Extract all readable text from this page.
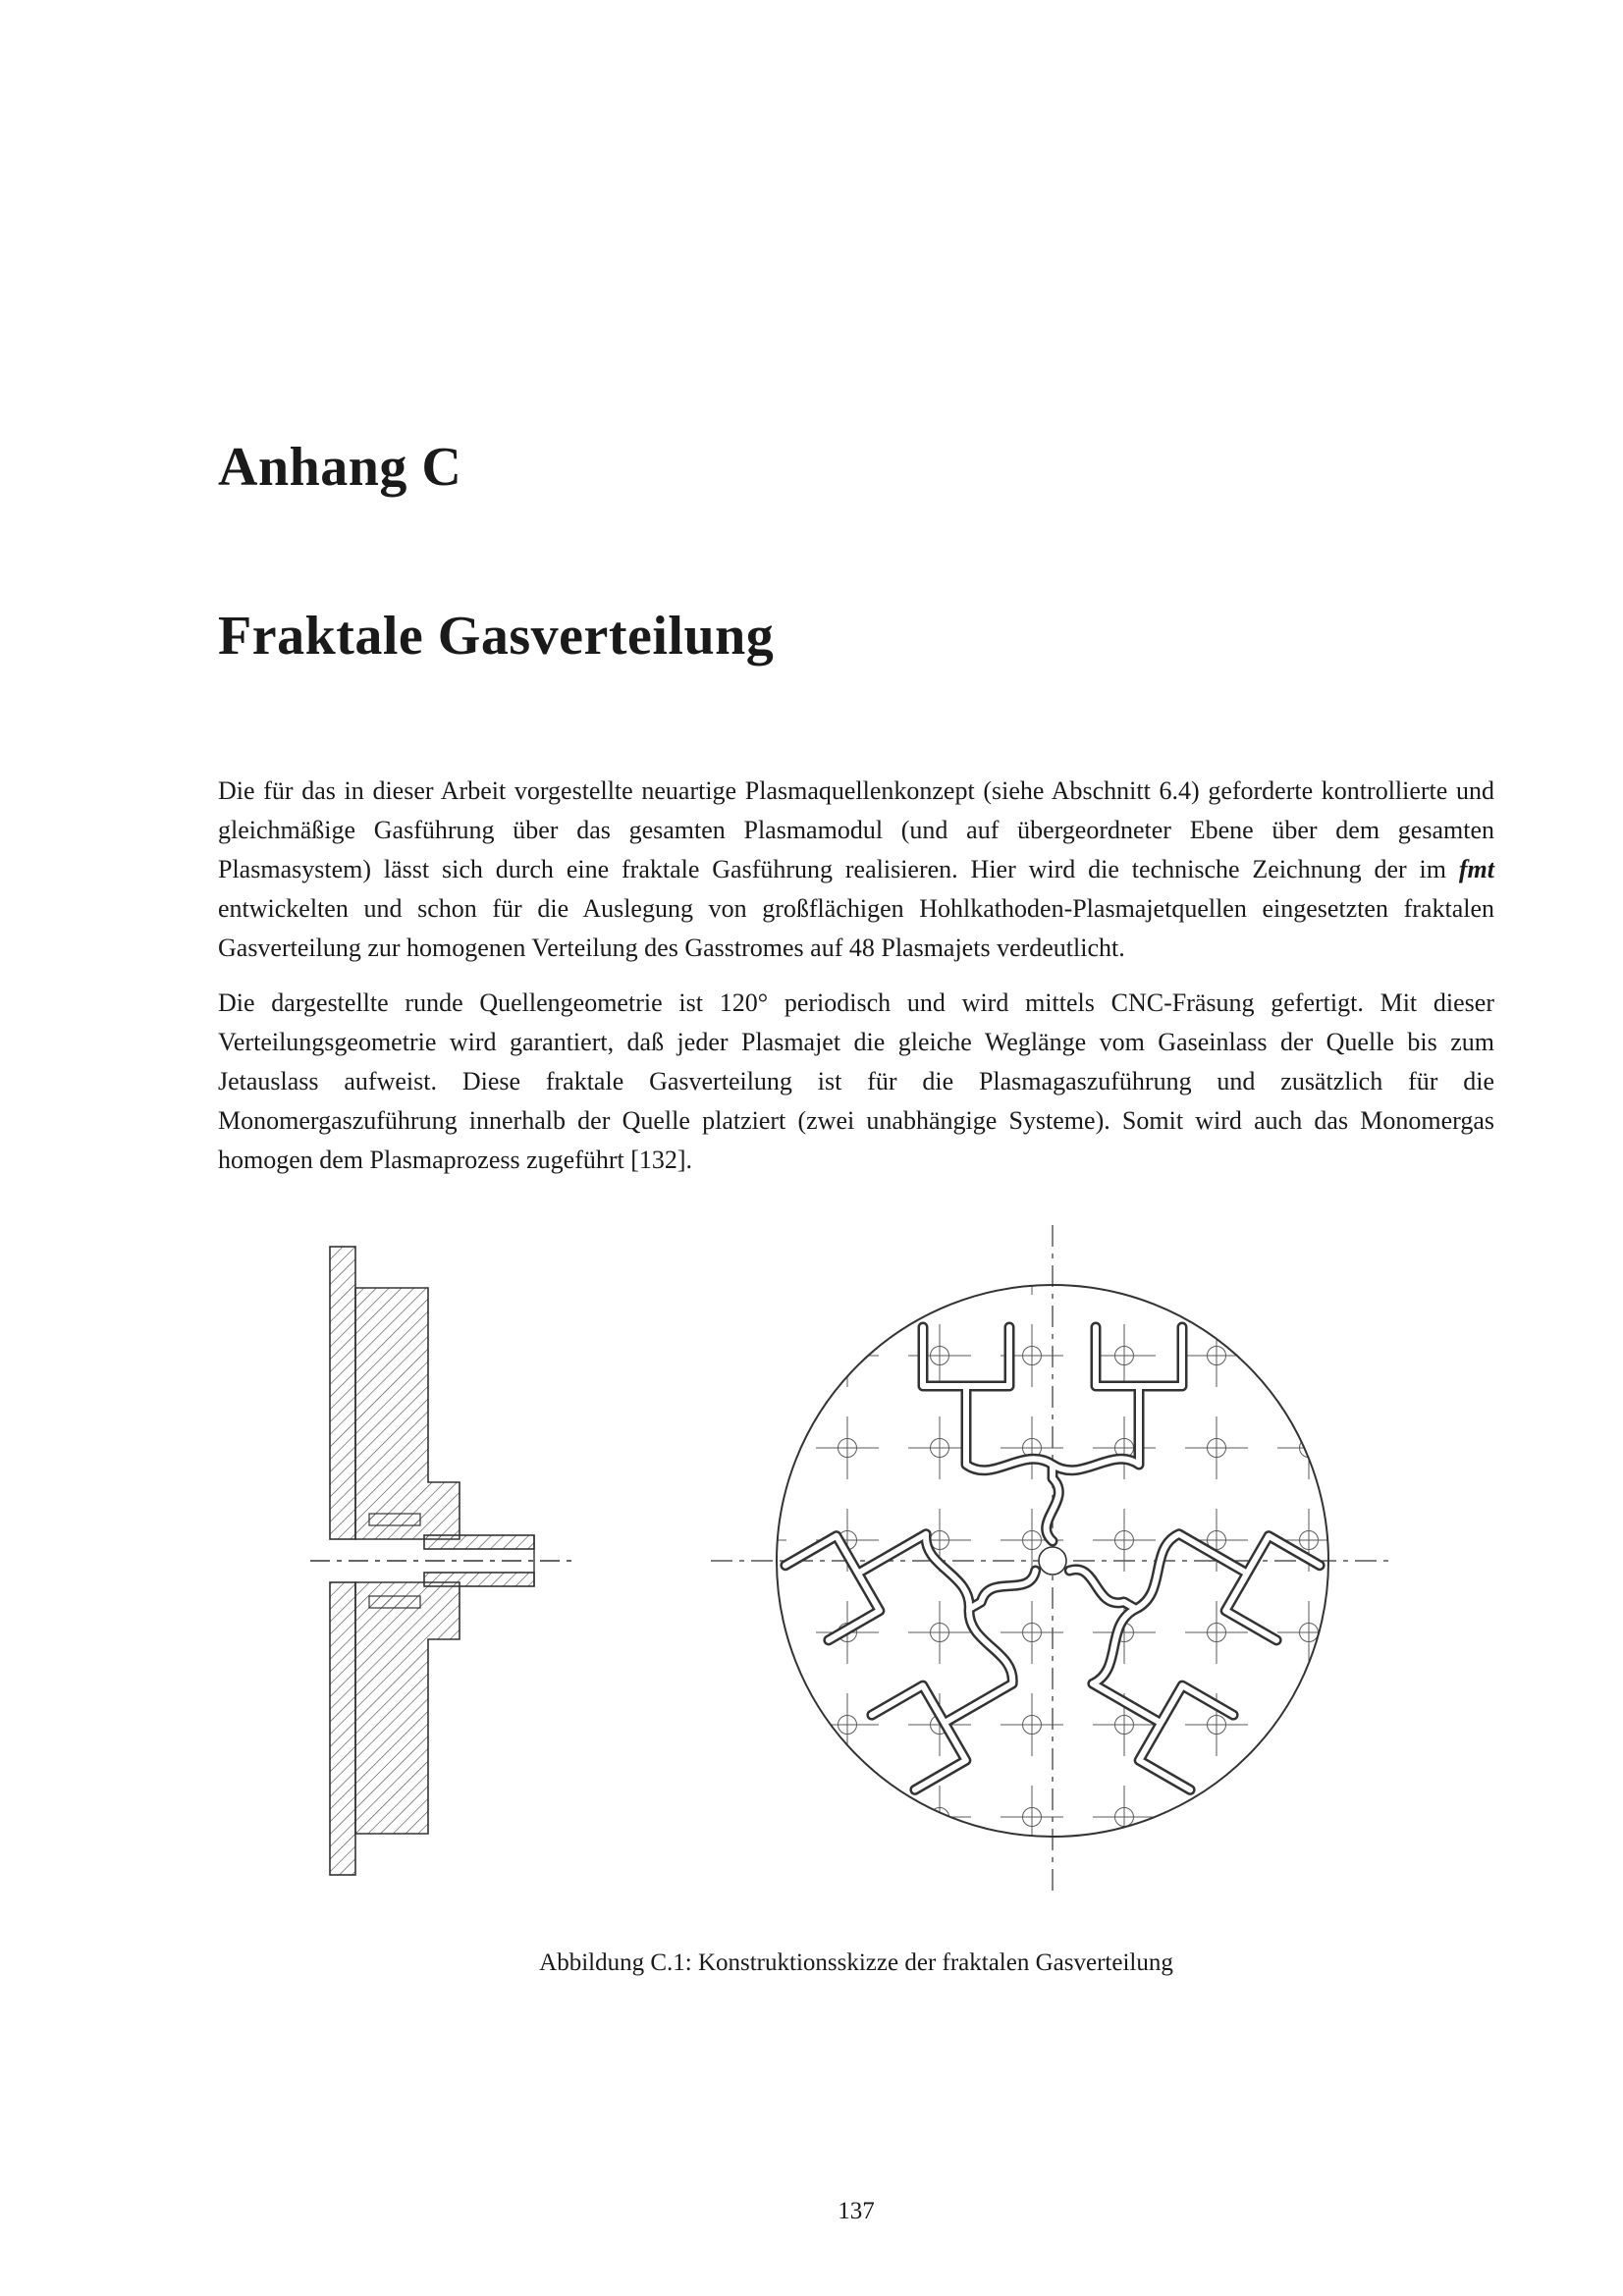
Anhang C
Fraktale Gasverteilung

Die für das in dieser Arbeit vorgestellte neuartige Plasmaquellenkonzept (siehe Abschnitt 6.4) geforderte kontrollierte und gleichmäßige Gasführung über das gesamten Plasmamodul (und auf übergeordneter Ebene über dem gesamten Plasmasystem) lässt sich durch eine fraktale Gasführung realisieren. Hier wird die technische Zeichnung der im fmt entwickelten und schon für die Auslegung von großflächigen Hohlkathoden-Plasmajetquellen eingesetzten fraktalen Gasverteilung zur homogenen Verteilung des Gasstromes auf 48 Plasmajets verdeutlicht.

Die dargestellte runde Quellengeometrie ist 120° periodisch und wird mittels CNC-Fräsung gefertigt. Mit dieser Verteilungsgeometrie wird garantiert, daß jeder Plasmajet die gleiche Weglänge vom Gaseinlass der Quelle bis zum Jetauslass aufweist. Diese fraktale Gasverteilung ist für die Plasmagaszuführung und zusätzlich für die Monomergaszuführung innerhalb der Quelle platziert (zwei unabhängige Systeme). Somit wird auch das Monomergas homogen dem Plasmaprozess zugeführt [132].

Abbildung C.1: Konstruktionsskizze der fraktalen Gasverteilung
137
